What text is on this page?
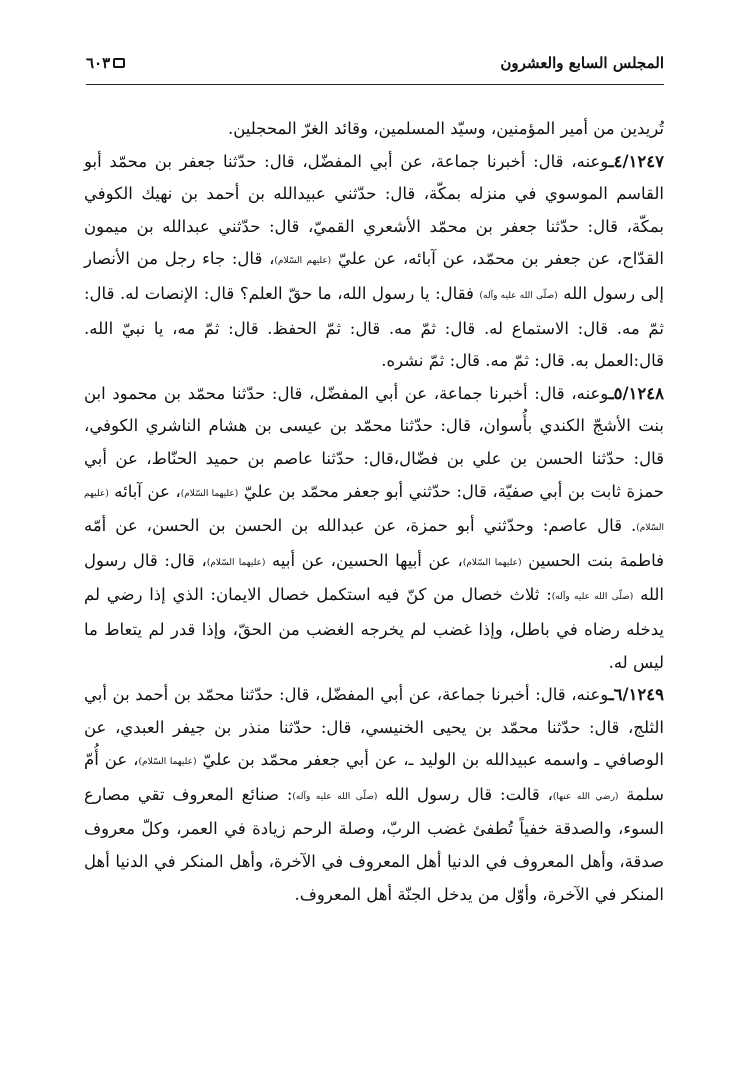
المجلس السابع والعشرون
٦٠٣

تُريدين من أمير المؤمنين، وسيّد المسلمين، وقائد الغرّ المحجلين.

٤/١٢٤٧ـوعنه، قال: أخبرنا جماعة، عن أبي المفضّل، قال: حدّثنا جعفر بن محمّد أبو القاسم الموسوي في منزله بمكّة، قال: حدّثني عبيدالله بن أحمد بن نهيك الكوفي بمكّة، قال: حدّثنا جعفر بن محمّد الأشعري القميّ، قال: حدّثني عبدالله بن ميمون القدّاح، عن جعفر بن محمّد، عن آبائه، عن عليّ (عليهم السّلام)، قال: جاء رجل من الأنصار إلى رسول الله (صلّى الله عليه وآله) فقال: يا رسول الله، ما حقّ العلم؟ قال: الإنصات له. قال: ثمّ مه. قال: الاستماع له. قال: ثمّ مه. قال: ثمّ الحفظ. قال: ثمّ مه، يا نبيّ الله. قال:العمل به. قال: ثمّ مه. قال: ثمّ نشره.

٥/١٢٤٨ـوعنه، قال: أخبرنا جماعة، عن أبي المفضّل، قال: حدّثنا محمّد بن محمود ابن بنت الأشجّ الكندي بأُسوان، قال: حدّثنا محمّد بن عيسى بن هشام الناشري الكوفي، قال: حدّثنا الحسن بن علي بن فضّال،قال: حدّثنا عاصم بن حميد الحنّاط، عن أبي حمزة ثابت بن أبي صفيّة، قال: حدّثني أبو جعفر محمّد بن عليّ (عليهما السّلام)، عن آبائه (عليهم السّلام). قال عاصم: وحدّثني أبو حمزة، عن عبدالله بن الحسن بن الحسن، عن أمّه فاطمة بنت الحسين (عليهما السّلام)، عن أبيها الحسين، عن أبيه (عليهما السّلام)، قال: قال رسول الله (صلّى الله عليه وآله): ثلاث خصال من كنّ فيه استكمل خصال الايمان: الذي إذا رضي لم يدخله رضاه في باطل، وإذا غضب لم يخرجه الغضب من الحقّ، وإذا قدر لم يتعاط ما ليس له.

٦/١٢٤٩ـوعنه، قال: أخبرنا جماعة، عن أبي المفضّل، قال: حدّثنا محمّد بن أحمد بن أبي الثلج، قال: حدّثنا محمّد بن يحيى الخنيسي، قال: حدّثنا منذر بن جيفر العبدي، عن الوصافي ـ واسمه عبيدالله بن الوليد ـ، عن أبي جعفر محمّد بن عليّ (عليهما السّلام)، عن أُمّ سلمة (رضي الله عنها)، قالت: قال رسول الله (صلّى الله عليه وآله): صنائع المعروف تقي مصارع السوء، والصدقة خفياً تُطفئ غضب الربّ، وصلة الرحم زيادة في العمر، وكلّ معروف صدقة، وأهل المعروف في الدنيا أهل المعروف في الآخرة، وأهل المنكر في الدنيا أهل المنكر في الآخرة، وأوّل من يدخل الجنّة أهل المعروف.
